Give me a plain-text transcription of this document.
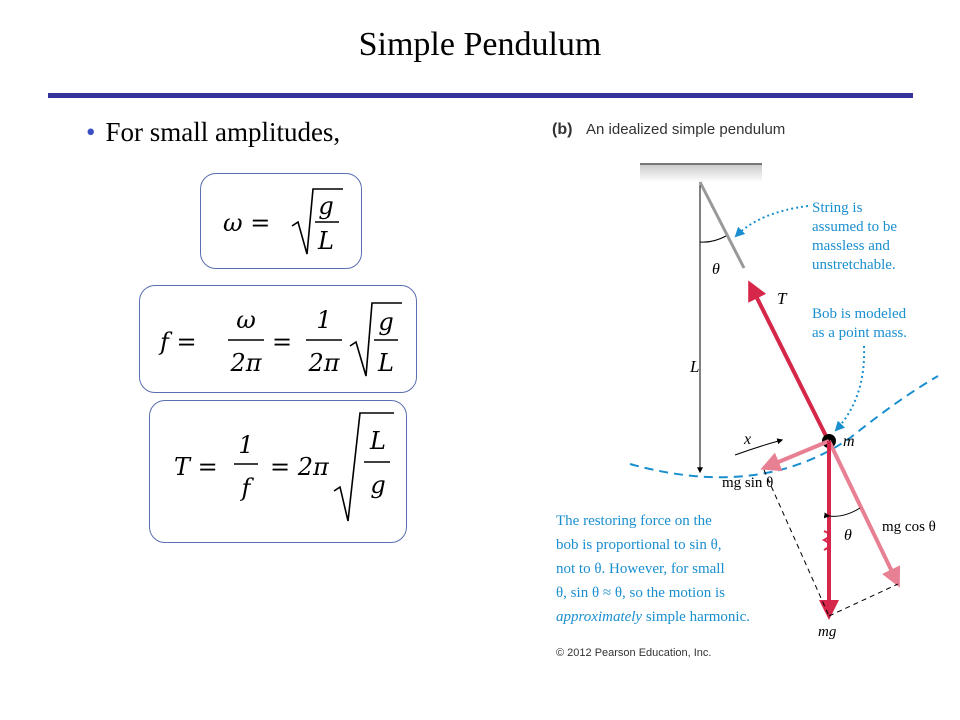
Simple Pendulum
• For small amplitudes,
ω =
g
L
f =
ω
2π
=
1
2π
g
L
T =
1
f
= 2π
L
g
(b) An idealized simple pendulum
L
θ
T
x	m
θ
mg sin θ
mg cos θ
mg
String is
assumed to be
massless and
unstretchable.
Bob is modeled
as a point mass.
The restoring force on the
bob is proportional to sin θ,
not to θ. However, for small
θ, sin θ ≈ θ, so the motion is
approximately simple harmonic.
© 2012 Pearson Education, Inc.
